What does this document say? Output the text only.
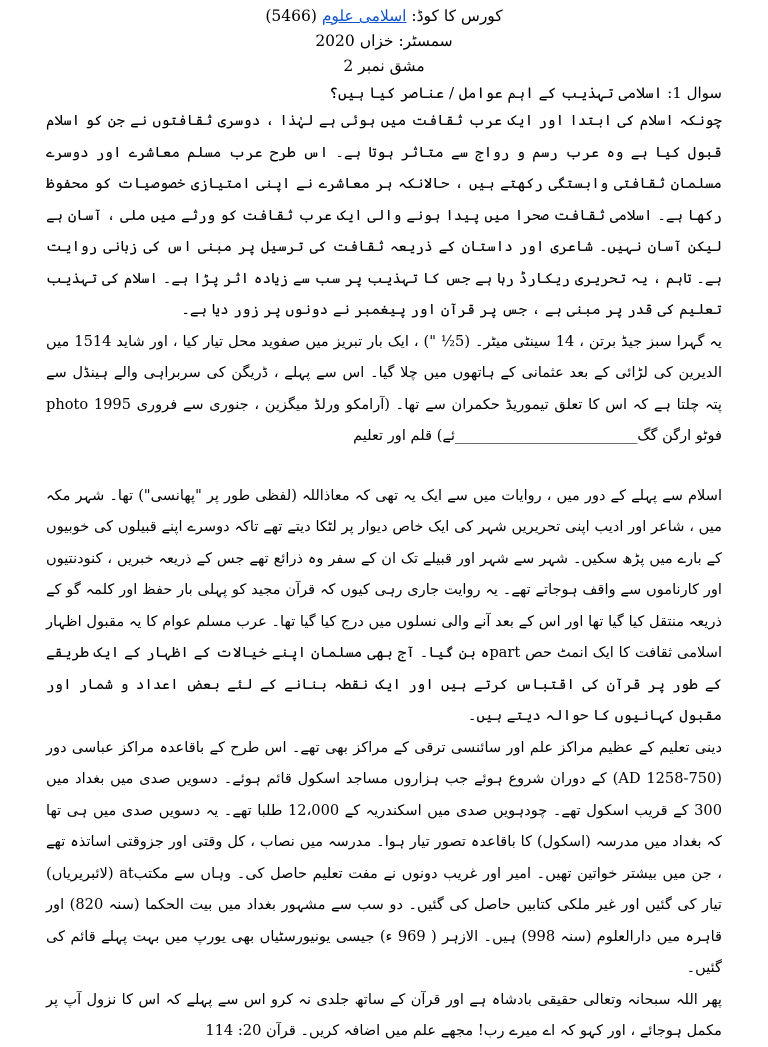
کورس کا کوڈ: اسلامی علوم (5466)
سمسٹر: خزاں 2020
مشق نمبر 2
سوال 1: اسلامی تہذیب کے اہم عوامل / عناصر کیا ہیں؟

چونکہ اسلام کی ابتدا اور ایک عرب ثقافت میں ہوئی ہے لہٰذا ، دوسری ثقافتوں نے جن کو اسلام قبول کیا ہے وہ عرب رسم و رواج سے متاثر ہوتا ہے۔ اس طرح عرب مسلم معاشرے اور دوسرے مسلمان ثقافتی وابستگی رکھتے ہیں ، حالانکہ ہر معاشرے نے اپنی امتیازی خصوصیات کو محفوظ رکھا ہے۔ اسلامی ثقافت صحرا میں پیدا ہونے والی ایک عرب ثقافت کو ورثے میں ملی ، آسان ہے لیکن آسان نہیں۔ شاعری اور داستان کے ذریعہ ثقافت کی ترسیل پر مبنی اس کی زبانی روایت ہے۔ تاہم ، یہ تحریری ریکارڈ رہا ہے جس کا تہذیب پر سب سے زیادہ اثر پڑا ہے۔ اسلام کی تہذیب تعلیم کی قدر پر مبنی ہے ، جس پر قرآن اور پیغمبر نے دونوں پر زور دیا ہے۔

یہ گہرا سبز جیڈ برتن ، 14 سینٹی میٹر۔ (5½ ") ، ایک بار تبریز میں صفوید محل تیار کیا ، اور شاید 1514 میں الدیرین کی لڑائی کے بعد عثمانی کے ہاتھوں میں چلا گیا۔ اس سے پہلے ، ڈریگن کی سربراہی والے ہینڈل سے پتہ چلتا ہے کہ اس کا تعلق تیموریڈ حکمران سے تھا۔ (آرامکو ورلڈ میگزین ، جنوری سے فروری 1995 photo فوٹو ارگن گگ_________________________ئے) قلم اور تعلیم

اسلام سے پہلے کے دور میں ، روایات میں سے ایک یہ تھی کہ معاذاللہ (لفظی طور پر "پھانسی") تھا۔ شہر مکہ میں ، شاعر اور ادیب اپنی تحریریں شہر کی ایک خاص دیوار پر لٹکا دیتے تھے تاکہ دوسرے اپنے قبیلوں کی خوبیوں کے بارے میں پڑھ سکیں۔ شہر سے شہر اور قبیلے تک ان کے سفر وہ ذرائع تھے جس کے ذریعہ خبریں ، کنودنتیوں اور کارناموں سے واقف ہوجاتے تھے۔ یہ روایت جاری رہی کیوں کہ قرآن مجید کو پہلی بار حفظ اور کلمہ گو کے ذریعہ منتقل کیا گیا تھا اور اس کے بعد آنے والی نسلوں میں درج کیا گیا تھا۔ عرب مسلم عوام کا یہ مقبول اظہار اسلامی ثقافت کا ایک انمٹ حص partہ بن گیا۔ آج بھی مسلمان اپنے خیالات کے اظہار کے ایک طریقے کے طور پر قرآن کی اقتباس کرتے ہیں اور ایک نقطہ بنانے کے لئے بعض اعداد و شمار اور مقبول کہانیوں کا حوالہ دیتے ہیں۔

دینی تعلیم کے عظیم مراکز علم اور سائنسی ترقی کے مراکز بھی تھے۔ اس طرح کے باقاعدہ مراکز عباسی دور (750-1258 AD) کے دوران شروع ہوئے جب ہزاروں مساجد اسکول قائم ہوئے۔ دسویں صدی میں بغداد میں 300 کے قریب اسکول تھے۔ چودہویں صدی میں اسکندریہ کے 12،000 طلبا تھے۔ یہ دسویں صدی میں ہی تھا کہ بغداد میں مدرسہ (اسکول) کا باقاعدہ تصور تیار ہوا۔ مدرسہ میں نصاب ، کل وقتی اور جزوقتی اساتذہ تھے ، جن میں بیشتر خواتین تھیں۔ امیر اور غریب دونوں نے مفت تعلیم حاصل کی۔ وہاں سے مکتبat (لائبریریاں) تیار کی گئیں اور غیر ملکی کتابیں حاصل کی گئیں۔ دو سب سے مشہور بغداد میں بیت الحکما (سنہ 820) اور قاہرہ میں دارالعلوم (سنہ 998) ہیں۔ الازہر ( 969 ء) جیسی یونیورسٹیاں بھی یورپ میں بہت پہلے قائم کی گئیں۔

پھر اللہ سبحانہ وتعالی حقیقی بادشاہ ہے اور قرآن کے ساتھ جلدی نہ کرو اس سے پہلے کہ اس کا نزول آپ پر مکمل ہوجائے ، اور کہو کہ اے میرے رب! مجھے علم میں اضافہ کریں۔ قرآن 20: 114
